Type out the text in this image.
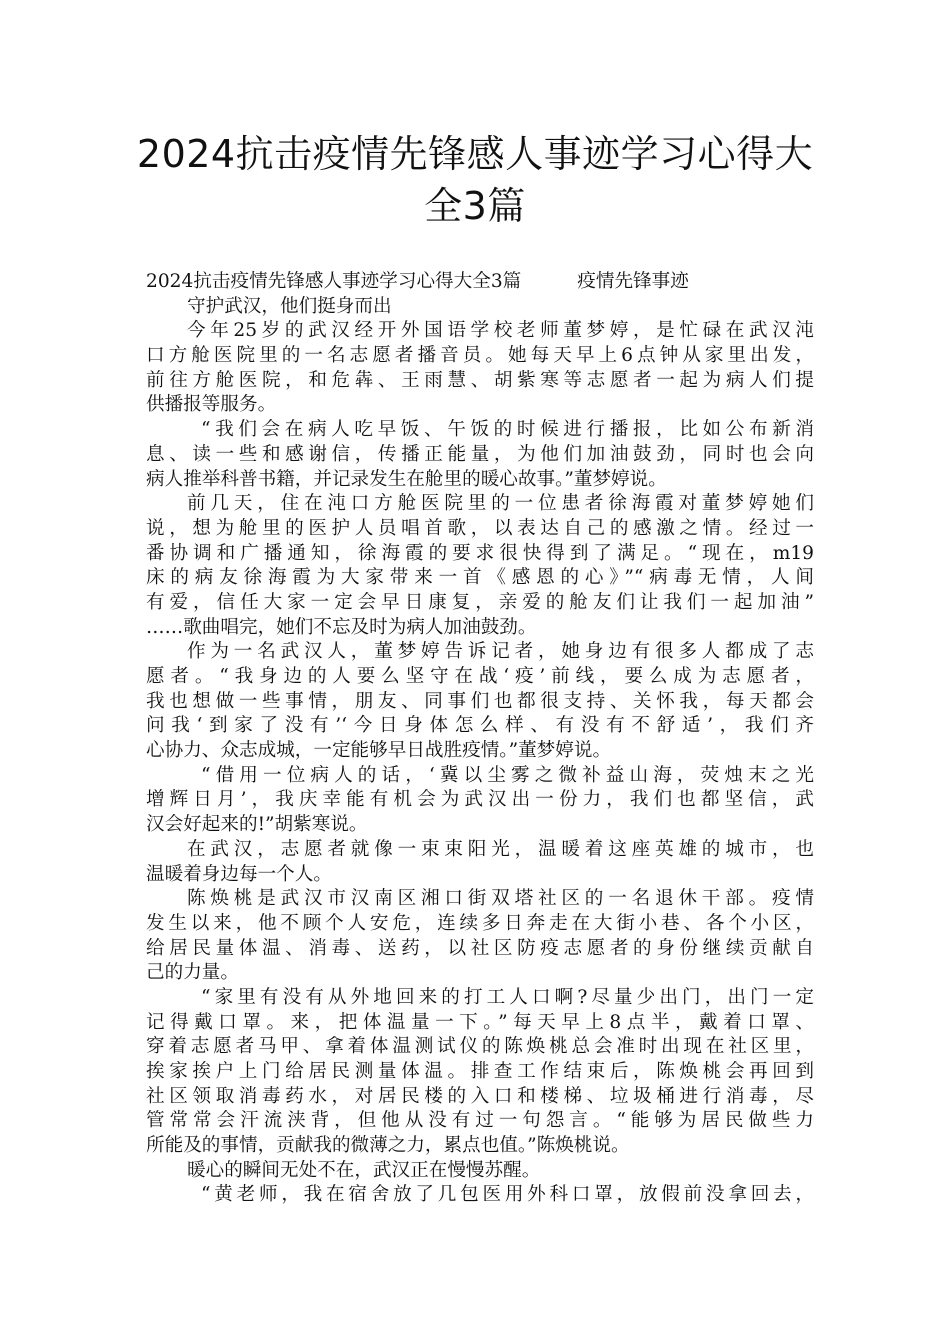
2024抗击疫情先锋感人事迹学习心得大
全3篇
2024抗击疫情先锋感人事迹学习心得大全3篇	疫情先锋事迹
守护武汉，他们挺身而出
今年25岁的武汉经开外国语学校老师董梦婷，是忙碌在武汉沌
口方舱医院里的一名志愿者播音员。她每天早上6点钟从家里出发，
前往方舱医院，和危犇、王雨慧、胡紫寒等志愿者一起为病人们提
供播报等服务。
“我们会在病人吃早饭、午饭的时候进行播报，比如公布新消
息、读一些和感谢信，传播正能量，为他们加油鼓劲，同时也会向
病人推举科普书籍，并记录发生在舱里的暖心故事。”董梦婷说。
前几天，住在沌口方舱医院里的一位患者徐海霞对董梦婷她们
说，想为舱里的医护人员唱首歌，以表达自己的感激之情。经过一
番协调和广播通知，徐海霞的要求很快得到了满足。“现在，m19
床的病友徐海霞为大家带来一首《感恩的心》”“病毒无情，人间
有爱，信任大家一定会早日康复，亲爱的舱友们让我们一起加油”
……歌曲唱完，她们不忘及时为病人加油鼓劲。
作为一名武汉人，董梦婷告诉记者，她身边有很多人都成了志
愿者。“我身边的人要么坚守在战‘疫’前线，要么成为志愿者，
我也想做一些事情，朋友、同事们也都很支持、关怀我，每天都会
问我‘到家了没有’‘今日身体怎么样、有没有不舒适’，我们齐
心协力、众志成城，一定能够早日战胜疫情。”董梦婷说。
“借用一位病人的话，‘冀以尘雾之微补益山海，荧烛末之光
增辉日月’，我庆幸能有机会为武汉出一份力，我们也都坚信，武
汉会好起来的!”胡紫寒说。
在武汉，志愿者就像一束束阳光，温暖着这座英雄的城市，也
温暖着身边每一个人。
陈焕桃是武汉市汉南区湘口街双塔社区的一名退休干部。疫情
发生以来，他不顾个人安危，连续多日奔走在大街小巷、各个小区，
给居民量体温、消毒、送药，以社区防疫志愿者的身份继续贡献自
己的力量。
“家里有没有从外地回来的打工人口啊?尽量少出门，出门一定
记得戴口罩。来，把体温量一下。”每天早上8点半，戴着口罩、
穿着志愿者马甲、拿着体温测试仪的陈焕桃总会准时出现在社区里，
挨家挨户上门给居民测量体温。排查工作结束后，陈焕桃会再回到
社区领取消毒药水，对居民楼的入口和楼梯、垃圾桶进行消毒，尽
管常常会汗流浃背，但他从没有过一句怨言。“能够为居民做些力
所能及的事情，贡献我的微薄之力，累点也值。”陈焕桃说。
暖心的瞬间无处不在，武汉正在慢慢苏醒。
“黄老师，我在宿舍放了几包医用外科口罩，放假前没拿回去，
